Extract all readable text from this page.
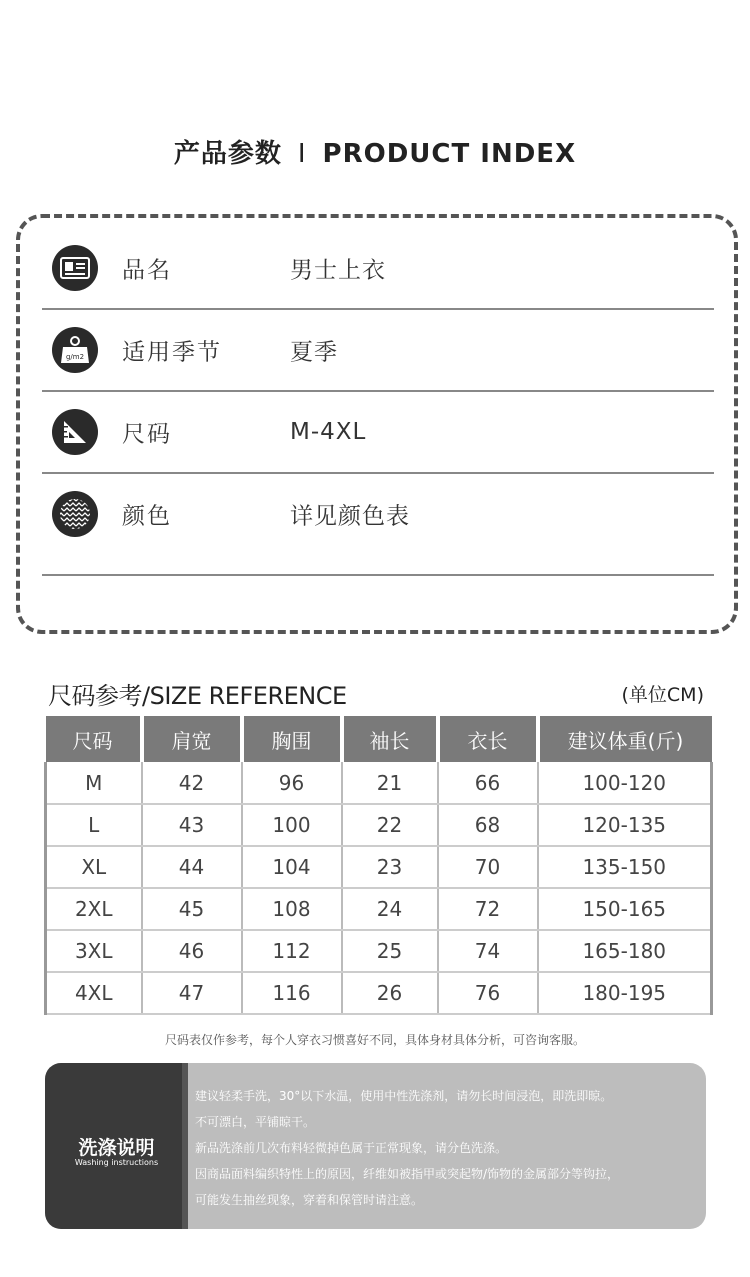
产品参数 I PRODUCT INDEX
品名	男士上衣
g/m2 适用季节	夏季
尺码	M-4XL
颜色	详见颜色表
尺码参考/SIZE REFERENCE	(单位CM)
尺码	肩宽	胸围	袖长	衣长	建议体重(斤)
M	42	96	21	66	100-120
L	43	100	22	68	120-135
XL	44	104	23	70	135-150
2XL	45	108	24	72	150-165
3XL	46	112	25	74	165-180
4XL	47	116	26	76	180-195
尺码表仅作参考，每个人穿衣习惯喜好不同，具体身材具体分析，可咨询客服。
洗涤说明
Washing instructions

建议轻柔手洗，30°以下水温，使用中性洗涤剂，请勿长时间浸泡，即洗即晾。

不可漂白，平铺晾干。

新品洗涤前几次布料轻微掉色属于正常现象，请分色洗涤。

因商品面料编织特性上的原因，纤维如被指甲或突起物/饰物的金属部分等钩拉，

可能发生抽丝现象，穿着和保管时请注意。
